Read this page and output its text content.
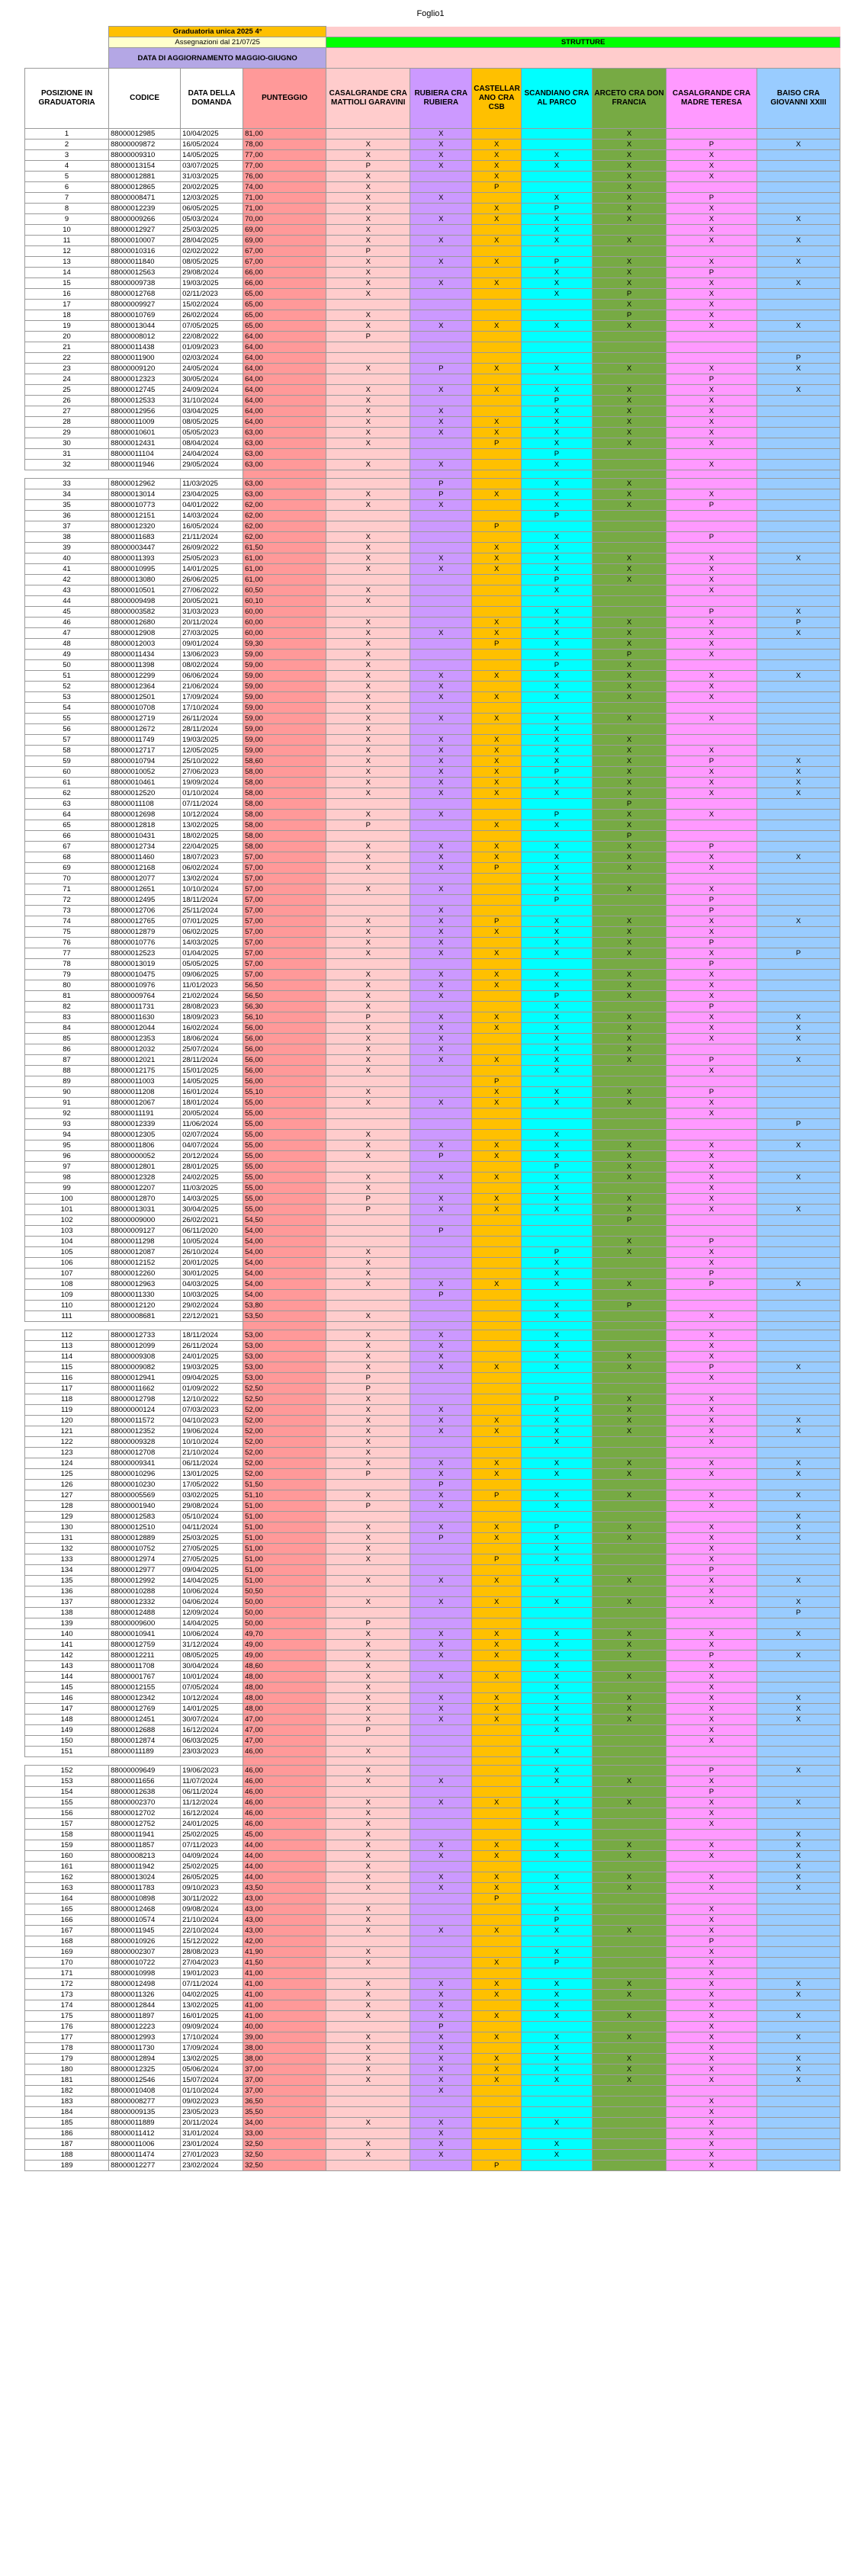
Foglio1
	Graduatoria unica 2025 4°									
	Assegnazioni dal 21/07/25			STRUTTURE						
	DATA DI AGGIORNAMENTO MAGGIO-GIUGNO									
POSIZIONE IN GRADUATORIA	CODICE	DATA DELLA DOMANDA	PUNTEGGIO	CASALGRANDE CRA MATTIOLI GARAVINI	RUBIERA CRA RUBIERA	CASTELLAR ANO CRA CSB	SCANDIANO CRA AL PARCO	ARCETO CRA DON FRANCIA	CASALGRANDE CRA MADRE TERESA	BAISO CRA GIOVANNI XXIII
1	88000012985	10/04/2025	81,00		X			X		
2	88000009872	16/05/2024	78,00	X	X	X		X	P	X
3	88000009310	14/05/2025	77,00	X	X	X	X	X	X	
4	88000013154	03/07/2025	77,00	P	X	X	X	X	X	
5	88000012881	31/03/2025	76,00	X		X		X	X	
6	88000012865	20/02/2025	74,00	X		P		X		
7	88000008471	12/03/2025	71,00	X	X		X	X	P	
8	88000012239	06/05/2025	71,00	X		X	P	X	X	
9	88000009266	05/03/2024	70,00	X	X	X	X	X	X	X
10	88000012927	25/03/2025	69,00	X			X		X	
11	88000010007	28/04/2025	69,00	X	X	X	X	X	X	X
12	88000010316	02/02/2022	67,00	P						
13	88000011840	08/05/2025	67,00	X	X	X	P	X	X	X
14	88000012563	29/08/2024	66,00	X			X	X	P	
15	88000009738	19/03/2025	66,00	X	X	X	X	X	X	X
16	88000012768	02/11/2023	65,00	X			X	P	X	
17	88000009927	15/02/2024	65,00					X	X	
18	88000010769	26/02/2024	65,00	X				P	X	
19	88000013044	07/05/2025	65,00	X	X	X	X	X	X	X
20	88000008012	22/08/2022	64,00	P						
21	88000011438	01/09/2023	64,00							
22	88000011900	02/03/2024	64,00							P
23	88000009120	24/05/2024	64,00	X	P	X	X	X	X	X
24	88000012323	30/05/2024	64,00						P	
25	88000012745	24/09/2024	64,00	X	X	X	X	X	X	X
26	88000012533	31/10/2024	64,00	X			P	X	X	
27	88000012956	03/04/2025	64,00	X	X		X	X	X	
28	88000011009	08/05/2025	64,00	X	X	X	X	X	X	
29	88000010601	05/05/2023	63,00	X	X	X	X	X	X	
30	88000012431	08/04/2024	63,00	X		P	X	X	X	
31	88000011104	24/04/2024	63,00				P			
32	88000011946	29/05/2024	63,00	X	X		X		X	

33	88000012962	11/03/2025	63,00		P		X	X		
34	88000013014	23/04/2025	63,00	X	P	X	X	X	X	
35	88000010773	04/01/2022	62,00	X	X		X	X	P	
36	88000012151	14/03/2024	62,00				P			
37	88000012320	16/05/2024	62,00			P				
38	88000011683	21/11/2024	62,00	X			X		P	
39	88000003447	26/09/2022	61,50	X		X	X			
40	88000011393	25/05/2023	61,00	X	X	X	X	X	X	X
41	88000010995	14/01/2025	61,00	X	X	X	X	X	X	
42	88000013080	26/06/2025	61,00				P	X	X	
43	88000010501	27/06/2022	60,50	X			X		X	
44	88000009498	20/05/2021	60,10	X						
45	88000003582	31/03/2023	60,00				X		P	X
46	88000012680	20/11/2024	60,00	X		X	X	X	X	P
47	88000012908	27/03/2025	60,00	X	X	X	X	X	X	X
48	88000012003	09/01/2024	59,30	X		P	X	X	X	
49	88000011434	13/06/2023	59,00	X			X	P	X	
50	88000011398	08/02/2024	59,00	X			P	X		
51	88000012299	06/06/2024	59,00	X	X	X	X	X	X	X
52	88000012364	21/06/2024	59,00	X	X		X	X	X	
53	88000012501	17/09/2024	59,00	X	X	X	X	X	X	
54	88000010708	17/10/2024	59,00	X						
55	88000012719	26/11/2024	59,00	X	X	X	X	X	X	
56	88000012672	28/11/2024	59,00	X			X			
57	88000011749	19/03/2025	59,00	X	X	X	X	X		
58	88000012717	12/05/2025	59,00	X	X	X	X	X	X	
59	88000010794	25/10/2022	58,60	X	X	X	X	X	P	X
60	88000010052	27/06/2023	58,00	X	X	X	P	X	X	X
61	88000010461	19/09/2024	58,00	X	X	X	X	X	X	X
62	88000012520	01/10/2024	58,00	X	X	X	X	X	X	X
63	88000011108	07/11/2024	58,00					P		
64	88000012698	10/12/2024	58,00	X	X		P	X	X	
65	88000012818	13/02/2025	58,00	P		X	X	X		
66	88000010431	18/02/2025	58,00					P		
67	88000012734	22/04/2025	58,00	X	X	X	X	X	P	
68	88000011460	18/07/2023	57,00	X	X	X	X	X	X	X
69	88000012168	06/02/2024	57,00	X	X	P	X	X	X	
70	88000012077	13/02/2024	57,00				X			
71	88000012651	10/10/2024	57,00	X	X		X	X	X	
72	88000012495	18/11/2024	57,00				P		P	
73	88000012706	25/11/2024	57,00		X				P	
74	88000012765	07/01/2025	57,00	X	X	P	X	X	X	X
75	88000012879	06/02/2025	57,00	X	X	X	X	X	X	
76	88000010776	14/03/2025	57,00	X	X		X	X	P	
77	88000012523	01/04/2025	57,00	X	X	X	X	X	X	P
78	88000013019	05/05/2025	57,00						P	
79	88000010475	09/06/2025	57,00	X	X	X	X	X	X	
80	88000010976	11/01/2023	56,50	X	X	X	X	X	X	
81	88000009764	21/02/2024	56,50	X	X		P	X	X	
82	88000011731	28/08/2023	56,30	X			X		P	
83	88000011630	18/09/2023	56,10	P	X	X	X	X	X	X
84	88000012044	16/02/2024	56,00	X	X	X	X	X	X	X
85	88000012353	18/06/2024	56,00	X	X		X	X	X	X
86	88000012032	25/07/2024	56,00	X	X		X	X		
87	88000012021	28/11/2024	56,00	X	X	X	X	X	P	X
88	88000012175	15/01/2025	56,00	X			X		X	
89	88000011003	14/05/2025	56,00			P				
90	88000011208	16/01/2024	55,10	X		X	X	X	P	
91	88000012067	18/01/2024	55,00	X	X	X	X	X	X	
92	88000011191	20/05/2024	55,00						X	
93	88000012339	11/06/2024	55,00							P
94	88000012305	02/07/2024	55,00	X			X			
95	88000011806	04/07/2024	55,00	X	X	X	X	X	X	X
96	88000000052	20/12/2024	55,00	X	P	X	X	X	X	
97	88000012801	28/01/2025	55,00				P	X	X	
98	88000012328	24/02/2025	55,00	X	X	X	X	X	X	X
99	88000012207	11/03/2025	55,00	X			X		X	
100	88000012870	14/03/2025	55,00	P	X	X	X	X	X	
101	88000013031	30/04/2025	55,00	P	X	X	X	X	X	X
102	88000009000	26/02/2021	54,50					P		
103	88000009127	06/11/2020	54,00		P					
104	88000011298	10/05/2024	54,00					X	P	
105	88000012087	26/10/2024	54,00	X			P	X	X	
106	88000012152	20/01/2025	54,00	X			X		X	
107	88000012260	30/01/2025	54,00	X			X		P	
108	88000012963	04/03/2025	54,00	X	X	X	X	X	P	X
109	88000011330	10/03/2025	54,00		P					
110	88000012120	29/02/2024	53,80				X	P		
111	88000008681	22/12/2021	53,50	X			X		X	

112	88000012733	18/11/2024	53,00	X	X		X		X	
113	88000012099	26/11/2024	53,00	X	X		X		X	
114	88000009308	24/01/2025	53,00	X	X		X	X	X	
115	88000009082	19/03/2025	53,00	X	X	X	X	X	P	X
116	88000012941	09/04/2025	53,00	P					X	
117	88000011662	01/09/2022	52,50	P						
118	88000012798	12/10/2022	52,50	X			P	X	X	
119	88000000124	07/03/2023	52,00	X	X		X	X	X	
120	88000011572	04/10/2023	52,00	X	X	X	X	X	X	X
121	88000012352	19/06/2024	52,00	X	X	X	X	X	X	X
122	88000009328	10/10/2024	52,00	X			X		X	
123	88000012708	21/10/2024	52,00	X						
124	88000009341	06/11/2024	52,00	X	X	X	X	X	X	X
125	88000010296	13/01/2025	52,00	P	X	X	X	X	X	X
126	88000010230	17/05/2022	51,50		P					
127	88000005569	03/02/2025	51,10	X	X	P	X	X	X	X
128	88000001940	29/08/2024	51,00	P	X		X		X	
129	88000012583	05/10/2024	51,00							X
130	88000012510	04/11/2024	51,00	X	X	X	P	X	X	X
131	88000012889	25/03/2025	51,00	X	P	X	X	X	X	X
132	88000010752	27/05/2025	51,00	X			X		X	
133	88000012974	27/05/2025	51,00	X		P	X		X	
134	88000012977	09/04/2025	51,00						P	
135	88000012992	14/04/2025	51,00	X	X	X	X	X	X	X
136	88000010288	10/06/2024	50,50						X	
137	88000012332	04/06/2024	50,00	X	X	X	X	X	X	X
138	88000012488	12/09/2024	50,00							P
139	88000009600	14/04/2025	50,00	P						
140	88000010941	10/06/2024	49,70	X	X	X	X	X	X	X
141	88000012759	31/12/2024	49,00	X	X	X	X	X	X	
142	88000012211	08/05/2025	49,00	X	X	X	X	X	P	X
143	88000011708	30/04/2024	48,60	X			X		X	
144	88000001767	10/01/2024	48,00	X	X	X	X	X	X	
145	88000012155	07/05/2024	48,00	X			X		X	
146	88000012342	10/12/2024	48,00	X	X	X	X	X	X	X
147	88000012769	14/01/2025	48,00	X	X	X	X	X	X	X
148	88000012451	30/07/2024	47,00	X	X	X	X	X	X	X
149	88000012688	16/12/2024	47,00	P			X		X	
150	88000012874	06/03/2025	47,00						X	
151	88000011189	23/03/2023	46,00	X			X			

152	88000009649	19/06/2023	46,00	X			X		P	X
153	88000011656	11/07/2024	46,00	X	X		X	X	X	
154	88000012638	06/11/2024	46,00						P	
155	88000002370	11/12/2024	46,00	X	X	X	X	X	X	X
156	88000012702	16/12/2024	46,00	X			X		X	
157	88000012752	24/01/2025	46,00	X			X		X	
158	88000011941	25/02/2025	45,00	X						X
159	88000011857	07/11/2023	44,00	X	X	X	X	X	X	X
160	88000008213	04/09/2024	44,00	X	X	X	X	X	X	X
161	88000011942	25/02/2025	44,00	X						X
162	88000013024	26/05/2025	44,00	X	X	X	X	X	X	X
163	88000011783	09/10/2023	43,50	X	X	X	X	X	X	X
164	88000010898	30/11/2022	43,00			P				
165	88000012468	09/08/2024	43,00	X			X		X	
166	88000010574	21/10/2024	43,00	X			P		X	
167	88000011945	22/10/2024	43,00	X	X	X	X	X	X	
168	88000010926	15/12/2022	42,00						P	
169	88000002307	28/08/2023	41,90	X			X		X	
170	88000010722	27/04/2023	41,50	X		X	P		X	
171	88000010998	19/01/2023	41,00						X	
172	88000012498	07/11/2024	41,00	X	X	X	X	X	X	X
173	88000011326	04/02/2025	41,00	X	X	X	X	X	X	X
174	88000012844	13/02/2025	41,00	X	X		X		X	
175	88000011897	16/01/2025	41,00	X	X	X	X	X	X	X
176	88000012223	09/09/2024	40,00		P				X	
177	88000012993	17/10/2024	39,00	X	X	X	X	X	X	X
178	88000011730	17/09/2024	38,00	X	X		X		X	
179	88000012894	13/02/2025	38,00	X	X	X	X	X	X	X
180	88000012325	05/06/2024	37,00	X	X	X	X	X	X	X
181	88000012546	15/07/2024	37,00	X	X	X	X	X	X	X
182	88000010408	01/10/2024	37,00		X					
183	88000008277	09/02/2023	36,50						X	
184	88000009135	23/05/2023	35,50						X	
185	88000011889	20/11/2024	34,00	X	X		X		X	
186	88000011412	31/01/2024	33,00		X				X	
187	88000011006	23/01/2024	32,50	X	X		X		X	
188	88000011474	27/01/2023	32,50	X	X		X		X	
189	88000012277	23/02/2024	32,50			P			X	
